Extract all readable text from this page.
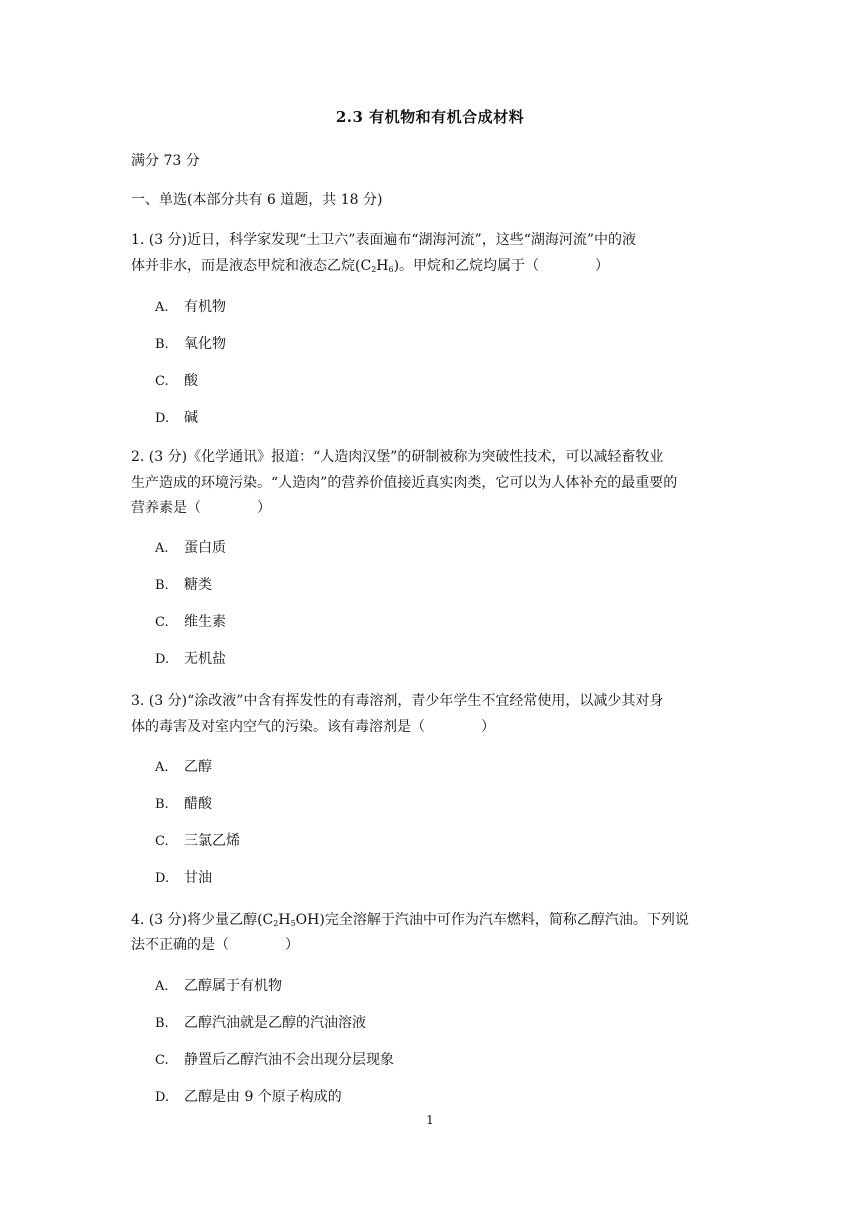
2.3 有机物和有机合成材料
满分 73 分
一、单选(本部分共有 6 道题，共 18 分)
1. (3 分)近日，科学家发现“土卫六”表面遍布“湖海河流”，这些“湖海河流”中的液
体并非水，而是液态甲烷和液态乙烷$(C_2H_6)$。甲烷和乙烷均属于（　　　　）
A. 有机物
B. 氧化物
C. 酸
D. 碱
2. (3 分)《化学通讯》报道：“人造肉汉堡”的研制被称为突破性技术，可以减轻畜牧业
生产造成的环境污染。“人造肉”的营养价值接近真实肉类，它可以为人体补充的最重要的
营养素是（　　　　）
A. 蛋白质
B. 糖类
C. 维生素
D. 无机盐
3. (3 分)“涂改液”中含有挥发性的有毒溶剂，青少年学生不宜经常使用，以减少其对身
体的毒害及对室内空气的污染。该有毒溶剂是（　　　　）
A. 乙醇
B. 醋酸
C. 三氯乙烯
D. 甘油
4. (3 分)将少量乙醇$(C_2H_5OH)$完全溶解于汽油中可作为汽车燃料，简称乙醇汽油。下列说
法不正确的是（　　　　）
A. 乙醇属于有机物
B. 乙醇汽油就是乙醇的汽油溶液
C. 静置后乙醇汽油不会出现分层现象
D. 乙醇是由 9 个原子构成的
1
